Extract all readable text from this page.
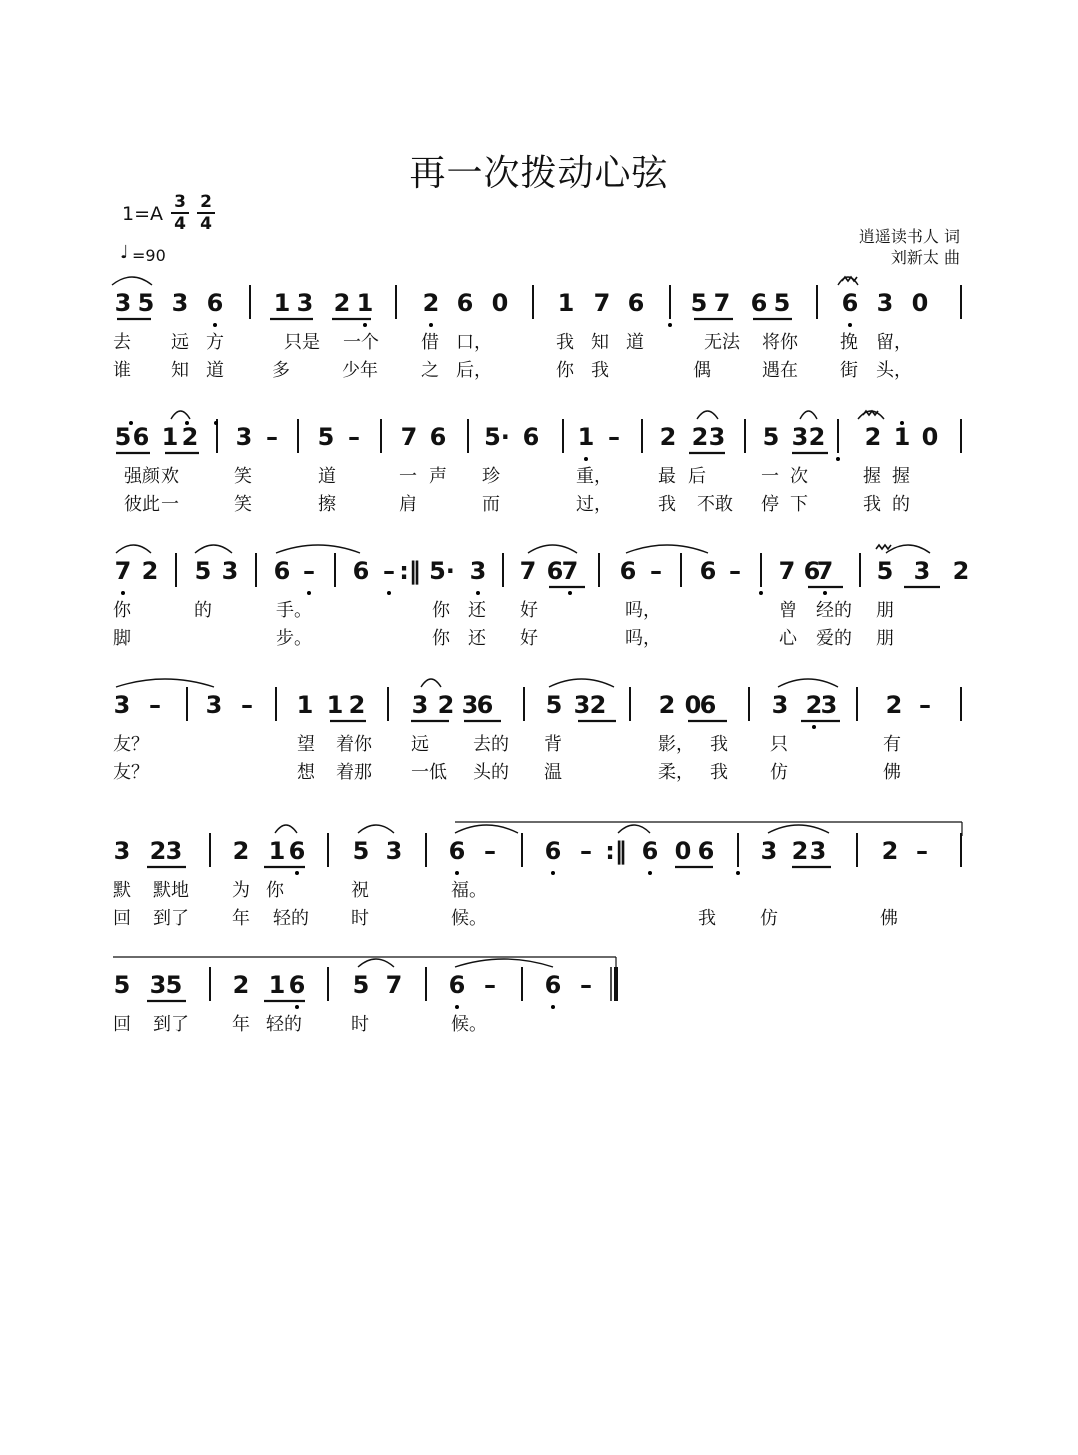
再一次拨动心弦
1=A
3
4
2
4
♩ =90
逍遥读书人 词
刘新太 曲
3 5 3 6 1 3 2 1 2 6 0 1 7 6 5 7 6 5 6 3 0
去 远 方	只是 一个 借 口，	我 知 道	无法 将你 挽 留，
谁 知 道	多	少年 之 后，	你 我	偶	遇在 街 头，
5 6 1 2 3 – 5 – 7 6 5· 6 1 – 2 2 3 5 3 2 2 1 0
强颜 欢	笑	道	一 声 珍	重，	最 后	一 次	握 握
彼此 一	笑	擦	肩	而	过，	我 不敢 停 下	我 的
7 2 5 3 6 – 6 – :‖ 5· 3 7 6
7 6 – 6 – 7 6
7 5 3 2
你	的	手。	你 还 好	吗，	曾 经的 朋
脚	步。	你 还 好	吗，	心 爱的 朋
3 – 3 – 1 1 2 3 2 3
6 5 3 2 2 0
6 3 2
3 2 –
友？	望 着你 远 去的 背	影， 我 只	有
友？	想 着那 一低 头的 温	柔， 我 仿	佛
3 2 3 2 1 6 5 3 6 – 6 – :‖ 6 0 6 3 2 3 2 –
默 默地 为 你	祝	福。
回 到了 年 轻的 时	候。	我 仿	佛
5 3 5 2 1 6 5 7 6 – 6 –
回 到了 年 轻的	时	候。
